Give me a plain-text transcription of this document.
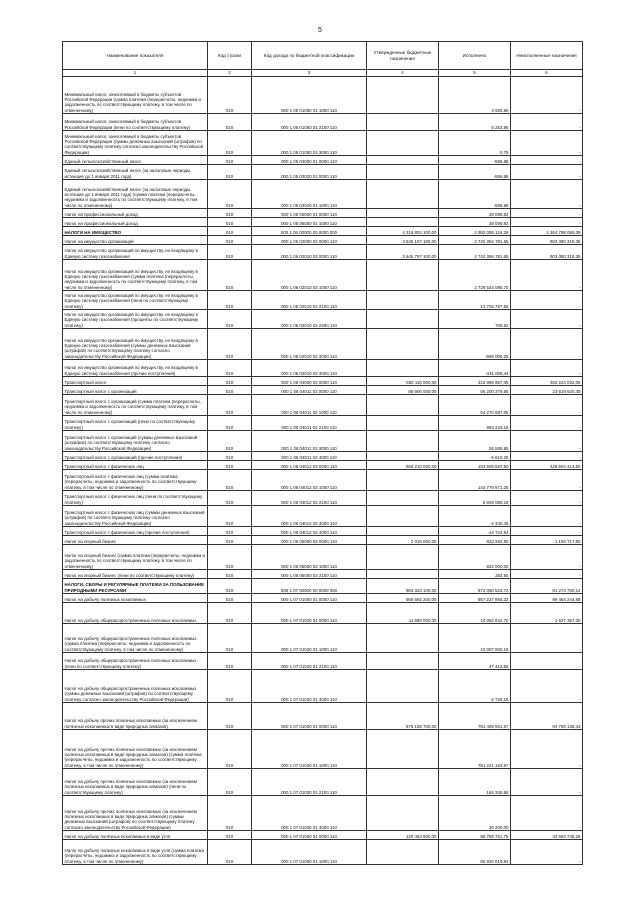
5
Наименование показателя	Код строки	Код дохода по бюджетной классификации	Утвержденные бюджетные назначения	Исполнено	Неисполненные назначения
1	2	3	4	5	6
Минимальный налог, зачисляемый в бюджеты субъектов Российской Федерации (сумма платежа (перерасчеты, недоимка и задолженность по соответствующему платежу, в том числе по отмененному)	010	000 1 05 01050 01 1000 110		3 925,86	-
Минимальный налог, зачисляемый в бюджеты субъектов Российской Федерации (пени по соответствующему платежу)	010	000 1 05 01050 01 2100 110		5 253,86	-
Минимальный налог, зачисляемый в бюджеты субъектов Российской Федерации (суммы денежных взысканий (штрафов) по соответствующему платежу согласно законодательству Российской Федерации)	010	000 1 05 01050 01 3000 110		0,75	-
Единый сельскохозяйственный налог	010	000 1 05 03000 01 0000 110		-596,88	-
Единый сельскохозяйственный налог (за налоговые периоды, истекшие до 1 января 2011 года)	010	000 1 05 03020 01 0000 110		-596,88	-
Единый сельскохозяйственный налог (за налоговые периоды, истекшие до 1 января 2011 года) (сумма платежа (перерасчеты, недоимка и задолженность по соответствующему платежу, в том числе по отмененному)	010	000 1 05 03020 01 1000 110		-596,88	-
Налог на профессиональный доход	010	000 1 05 06000 01 0000 110		28 089,82	-
Налог на профессиональный доход	010	000 1 05 06000 01 1000 110		28 089,82	-
НАЛОГИ НА ИМУЩЕСТВО	010	000 1 06 00000 00 0000 000	4 316 853 100,00	2 952 055 124,28	1 364 798 065,09
Налог на имущество организаций	010	000 1 06 02000 02 0000 110	3 645 167 100,00	2 742 384 781,65	903 380 318,35
Налог на имущество организаций по имуществу, не входящему в Единую систему газоснабжения	010	000 1 06 02010 02 0000 110	3 645 767 100,00	2 742 386 781,65	903 380 318,35
Налог на имущество организаций по имуществу, не входящему в Единую систему газоснабжения (сумма платежа (перерасчеты, недоимка и задолженность по соответствующему платежу, в том числе по отмененному)	010	000 1 06 02010 02 1000 110		2 729 524 085,70	-
Налог на имущество организаций по имуществу, не входящему в Единую систему газоснабжения (пени по соответствующему платежу)	010	000 1 06 02010 02 2100 110		12 726 787,66	-
Налог на имущество организаций по имуществу, не входящему в Единую систему газоснабжения (проценты по соответствующему платежу)	010	000 1 06 02010 02 2200 110		705,52	-
Налог на имущество организаций по имуществу, не входящему в Единую систему газоснабжения (суммы денежных взысканий (штрафов) по соответствующему платежу согласно законодательству Российской Федерации)	010	000 1 06 02010 02 3000 110		-666 008,25	-
Налог на имущество организаций по имуществу, не входящему в Единую систему газоснабжения (прочие поступления)	010	000 1 06 02010 02 4000 110		-331 005,44	-
Транспортный налог	010	000 1 06 04000 02 0000 110	660 116 000,00	216 896 957,05	460 224 032,05
Транспортный налог с организаций	010	000 1 06 04011 02 0000 110	86 906 000,00	56 200 379,55	23 619 620,45
Транспортный налог с организаций (сумма платежа (перерасчеты, недоимка и задолженность по соответствующему платежу, в том числе по отмененному)	010	000 1 06 04011 02 1000 110		54 270 687,05	-
Транспортный налог с организаций (пени по соответствующему платежу)	010	000 1 06 04011 02 2100 110		983 233,18	-
Транспортный налог с организаций (суммы денежных взысканий (штрафов) по соответствующему платежу согласно законодательству Российской Федерации)	010	000 1 06 04011 02 3000 110		26 585,85	-
Транспортный налог с организаций (прочие поступления)	010	000 1 06 04011 02 4000 110		-6 610,25	-
Транспортный налог с физических лиц	010	000 1 06 04012 02 0000 110	569 210 000,00	153 608 587,50	426 604 412,50
Транспортный налог с физических лиц (сумма платежа (перерасчеты, недоимка и задолженность по соответствующему платежу, в том числе по отмененному)	010	000 1 06 04012 02 1000 110		144 779 871,35	-
Транспортный налог с физических лиц (пени по соответствующему платежу)	010	000 1 06 04012 02 2100 110		8 849 086,18	-
Транспортный налог с физических лиц (суммы денежных взысканий (штрафов) по соответствующему платежу согласно законодательству Российской Федерации)	010	000 1 06 04012 02 3000 110		-4 346,45	-
Транспортный налог с физических лиц (прочие поступления)	010	000 1 06 04012 02 4000 110		-14 724,54	-
Налог на игорный бизнес	010	000 1 06 05000 02 0000 110	2 016 000,00	822 282,50	1 193 717,50
Налог на игорный бизнес (сумма платежа (перерасчеты, недоимка и задолженность по соответствующему платежу, в том числе по отмененному)	010	000 1 06 05000 02 1000 110		822 000,00	-
Налог на игорный бизнес (пени по соответствующему платежу)	010	000 1 06 05000 02 2100 110		282,50	-
НАЛОГИ, СБОРЫ И РЕГУЛЯРНЫЕ ПЛАТЕЖИ ЗА ПОЛЬЗОВАНИЕ ПРИРОДНЫМИ РЕСУРСАМИ	010	000 1 07 00000 00 0000 000	963 323 100,00	872 050 523,72	91 274 750,14
Налог на добычу полезных ископаемых	010	000 1 07 01000 01 0000 110	956 692 200,00	867 227 955,32	89 464 244,68
Налог на добычу общераспространенных полезных ископаемых	010	000 1 07 01020 01 0000 110	11 680 000,00	10 052 642,70	1 627 357,30
Налог на добычу общераспространенных полезных ископаемых (сумма платежа (перерасчеты, недоимка и задолженность по соответствующему платежу, в том числе по отмененному)	010	000 1 07 01020 01 1000 110		10 007 905,19	-
Налог на добычу общераспространенных полезных ископаемых (пени по соответствующему платежу)	010	000 1 07 01020 01 2100 110		47 412,66	-
Налог на добычу общераспространенных полезных ископаемых (суммы денежных взысканий (штрафов) по соответствующему платежу согласно законодательству Российской Федерации)	010	000 1 07 01020 01 3000 110		-2 728,15	-
Налог на добычу прочих полезных ископаемых (за исключением полезных ископаемых в виде природных алмазов)	010	000 1 07 01030 01 0000 110	876 168 700,00	781 409 561,57	94 759 138,43
Налог на добычу прочих полезных ископаемых (за исключением полезных ископаемых в виде природных алмазов) (сумма платежа (перерасчеты, недоимка и задолженность по соответствующему платежу, в том числе по отмененному)	010	000 1 07 01030 01 1000 110		781 221 153,97	-
Налог на добычу прочих полезных ископаемых (за исключением полезных ископаемых в виде природных алмазов) (пени по соответствующему платежу)	010	000 1 07 01030 01 2100 110		184 345,68	-
Налог на добычу прочих полезных ископаемых (за исключением полезных ископаемых в виде природных алмазов) (суммы денежных взысканий (штрафов) по соответствующему платежу согласно законодательству Российской Федерации)	010	000 1 07 01030 01 3000 110		20 200,00	-
Налог на добычу полезных ископаемых в виде угля	010	000 1 07 01060 01 0000 110	120 453 600,00	86 769 751,75	33 683 748,25
Налог на добычу полезных ископаемых в виде угля (сумма платежа (перерасчеты, недоимка и задолженность по соответствующему платежу, в том числе по отмененному)	010	000 1 07 01060 01 1000 110		86 832 019,54	-
